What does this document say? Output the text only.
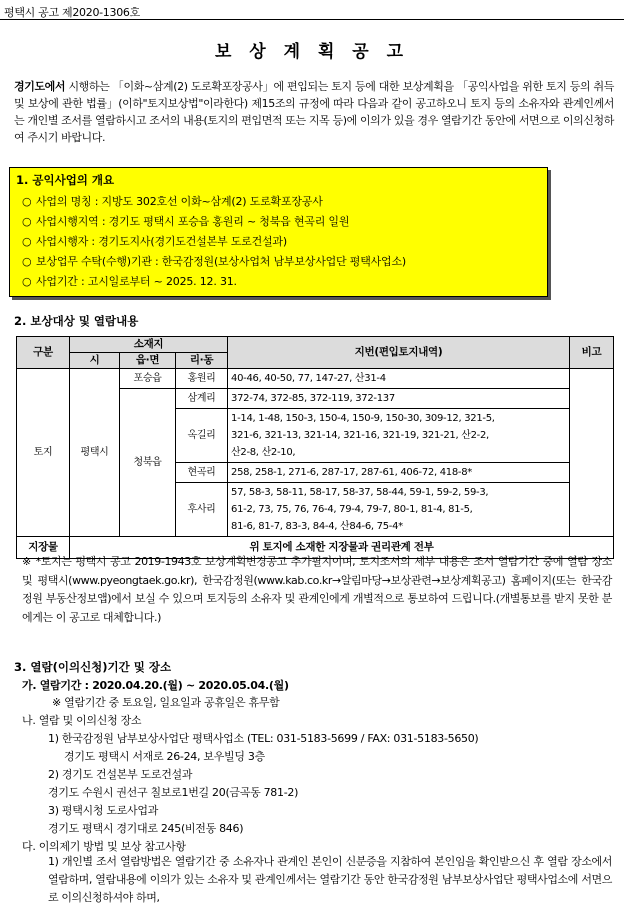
평택시 공고 제2020-1306호
보 상 계 획 공 고
경기도에서 시행하는 「이화~삼계(2) 도로확포장공사」에 편입되는 토지 등에 대한 보상계획을 「공익사업을 위한 토지 등의 취득 및 보상에 관한 법률」(이하"토지보상법"이라한다) 제15조의 규정에 따라 다음과 같이 공고하오니 토지 등의 소유자와 관계인께서는 개인별 조서를 열람하시고 조서의 내용(토지의 편입면적 또는 지목 등)에 이의가 있을 경우 열람기간 동안에 서면으로 이의신청하여 주시기 바랍니다.
1. 공익사업의 개요
○ 사업의 명칭 : 지방도 302호선 이화~삼계(2) 도로확포장공사
○ 사업시행지역 : 경기도 평택시 포승읍 홍원리 ~ 청북읍 현곡리 일원
○ 사업시행자 : 경기도지사(경기도건설본부 도로건설과)
○ 보상업무 수탁(수행)기관 : 한국감정원(보상사업처 남부보상사업단 평택사업소)
○ 사업기간 : 고시일로부터 ~ 2025. 12. 31.
2. 보상대상 및 열람내용
구분	소재지			지번(편입토지내역)	비고
	시	읍·면	리·동		
토지	평택시	포승읍	홍원리	40-46, 40-50, 77, 147-27, 산31-4	
		청북읍	삼계리	372-74, 372-85, 372-119, 372-137	
			옥길리	1-14, 1-48, 150-3, 150-4, 150-9, 150-30, 309-12, 321-5,
321-6, 321-13, 321-14, 321-16, 321-19, 321-21, 산2-2,
산2-8, 산2-10,	

			현곡리	258, 258-1, 271-6, 287-17, 287-61, 406-72, 418-8*	
			후사리	57, 58-3, 58-11, 58-17, 58-37, 58-44, 59-1, 59-2, 59-3,
61-2, 73, 75, 76, 76-4, 79-4, 79-7, 80-1, 81-4, 81-5,
81-6, 81-7, 83-3, 84-4, 산84-6, 75-4*	

지장물	위 토지에 소재한 지장물과 권리관계 전부				
※ *토지는 평택시 공고 2019-1943호 보상계획변경공고 추가필지이며, 토지조서의 세부 내용은 조서 열람기간 중에 열람 장소 및 평택시(www.pyeongtaek.go.kr), 한국감정원(www.kab.co.kr→알림마당→보상관련→보상계획공고) 홈페이지(또는 한국감정원 부동산정보앱)에서 보실 수 있으며 토지등의 소유자 및 관계인에게 개별적으로 통보하여 드립니다.(개별통보를 받지 못한 분에게는 이 공고로 대체합니다.)
3. 열람(이의신청)기간 및 장소
가. 열람기간 : 2020.04.20.(월) ~ 2020.05.04.(월)
※ 열람기간 중 토요일, 일요일과 공휴일은 휴무함
나. 열람 및 이의신청 장소
1) 한국감정원 남부보상사업단 평택사업소 (TEL: 031-5183-5699 / FAX: 031-5183-5650)
경기도 평택시 서재로 26-24, 보우빌딩 3층
2) 경기도 건설본부 도로건설과
경기도 수원시 권선구 칠보로1번길 20(금곡동 781-2)
3) 평택시청 도로사업과
경기도 평택시 경기대로 245(비전동 846)
다. 이의제기 방법 및 보상 참고사항
1) 개인별 조서 열람방법은 열람기간 중 소유자나 관계인 본인이 신분증을 지참하여 본인임을 확인받으신 후 열람 장소에서 열람하며, 열람내용에 이의가 있는 소유자 및 관계인께서는 열람기간 동안 한국감정원 남부보상사업단 평택사업소에 서면으로 이의신청하셔야 하며,
